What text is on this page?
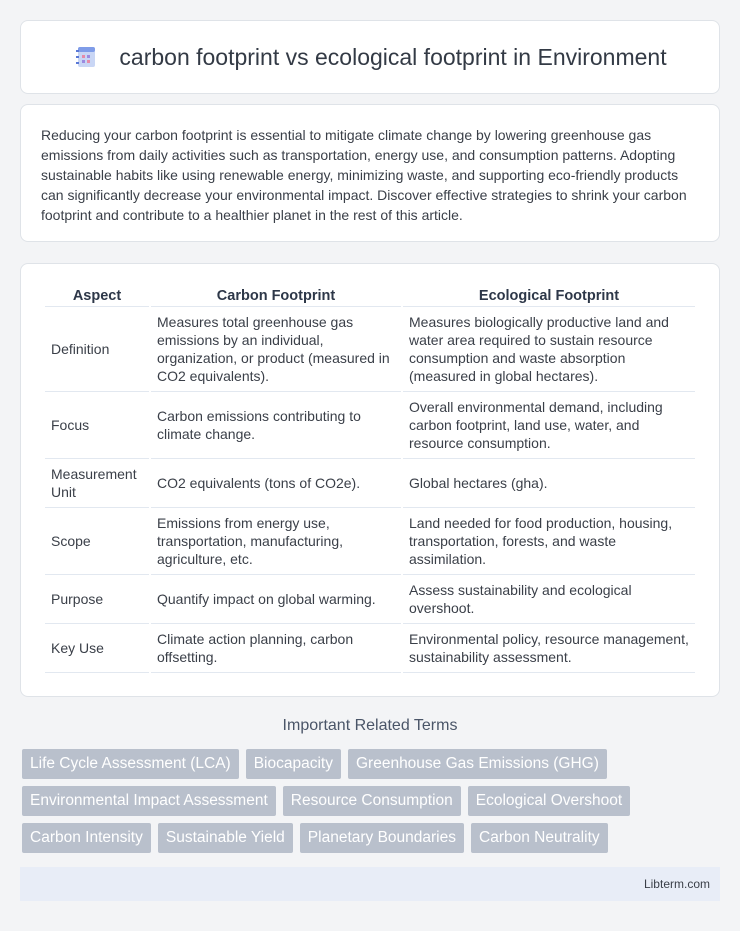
carbon footprint vs ecological footprint in Environment

Reducing your carbon footprint is essential to mitigate climate change by lowering greenhouse gas emissions from daily activities such as transportation, energy use, and consumption patterns. Adopting sustainable habits like using renewable energy, minimizing waste, and supporting eco-friendly products can significantly decrease your environmental impact. Discover effective strategies to shrink your carbon footprint and contribute to a healthier planet in the rest of this article.

Aspect	Carbon Footprint	Ecological Footprint
Definition	Measures total greenhouse gas emissions by an individual, organization, or product (measured in CO2 equivalents).	Measures biologically productive land and water area required to sustain resource consumption and waste absorption (measured in global hectares).
Focus	Carbon emissions contributing to climate change.	Overall environmental demand, including carbon footprint, land use, water, and resource consumption.
Measurement Unit	CO2 equivalents (tons of CO2e).	Global hectares (gha).
Scope	Emissions from energy use, transportation, manufacturing, agriculture, etc.	Land needed for food production, housing, transportation, forests, and waste assimilation.
Purpose	Quantify impact on global warming.	Assess sustainability and ecological overshoot.
Key Use	Climate action planning, carbon offsetting.	Environmental policy, resource management, sustainability assessment.
Important Related Terms
Life Cycle Assessment (LCA)	Biocapacity	Greenhouse Gas Emissions (GHG)
Environmental Impact Assessment	Resource Consumption	Ecological Overshoot
Carbon Intensity	Sustainable Yield	Planetary Boundaries	Carbon Neutrality
Libterm.com
